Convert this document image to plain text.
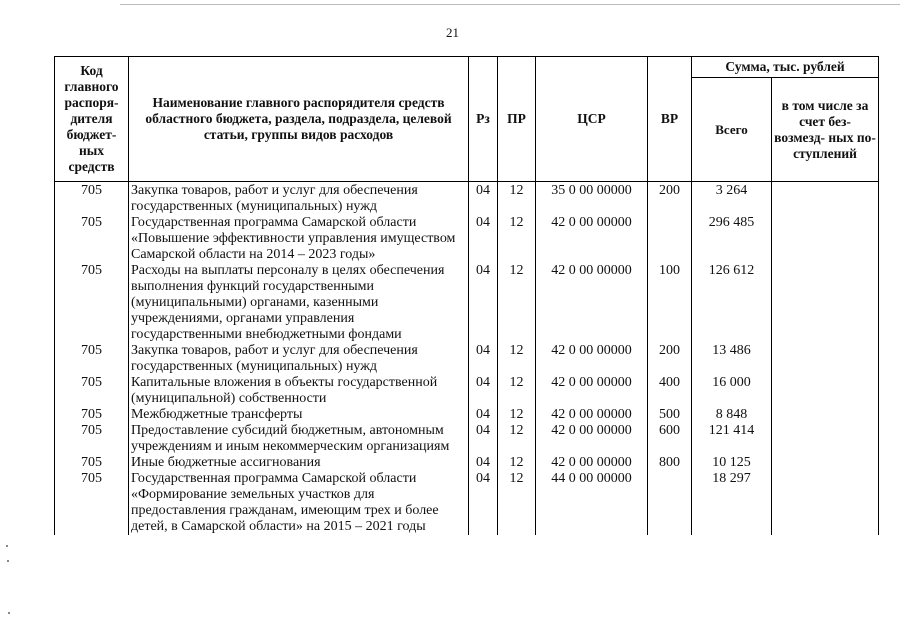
21
Код главного распоря- дителя бюджет- ных средств	Наименование главного распорядителя средств областного бюджета, раздела, подраздела, целевой статьи, группы видов расходов	Рз	ПР	ЦСР	ВР	Сумма, тыс. рублей	
						Всего	в том числе за счет без- возмезд- ных по- ступлений
705	Закупка товаров, работ и услуг для обеспечения государственных (муниципальных) нужд	04	12	35 0 00 00000	200	3 264	
705	Государственная программа Самарской области «Повышение эффективности управления имуществом Самарской области на 2014 – 2023 годы»	04	12	42 0 00 00000		296 485	
705	Расходы на выплаты персоналу в целях обеспечения выполнения функций государственными (муниципальными) органами, казенными учреждениями, органами управления государственными внебюджетными фондами	04	12	42 0 00 00000	100	126 612	
705	Закупка товаров, работ и услуг для обеспечения государственных (муниципальных) нужд	04	12	42 0 00 00000	200	13 486	
705	Капитальные вложения в объекты государственной (муниципальной) собственности	04	12	42 0 00 00000	400	16 000	
705	Межбюджетные трансферты	04	12	42 0 00 00000	500	8 848	
705	Предоставление субсидий бюджетным, автономным учреждениям и иным некоммерческим организациям	04	12	42 0 00 00000	600	121 414	
705	Иные бюджетные ассигнования	04	12	42 0 00 00000	800	10 125	
705	Государственная программа Самарской области «Формирование земельных участков для предоставления гражданам, имеющим трех и более детей, в Самарской области» на 2015 – 2021 годы	04	12	44 0 00 00000		18 297	
